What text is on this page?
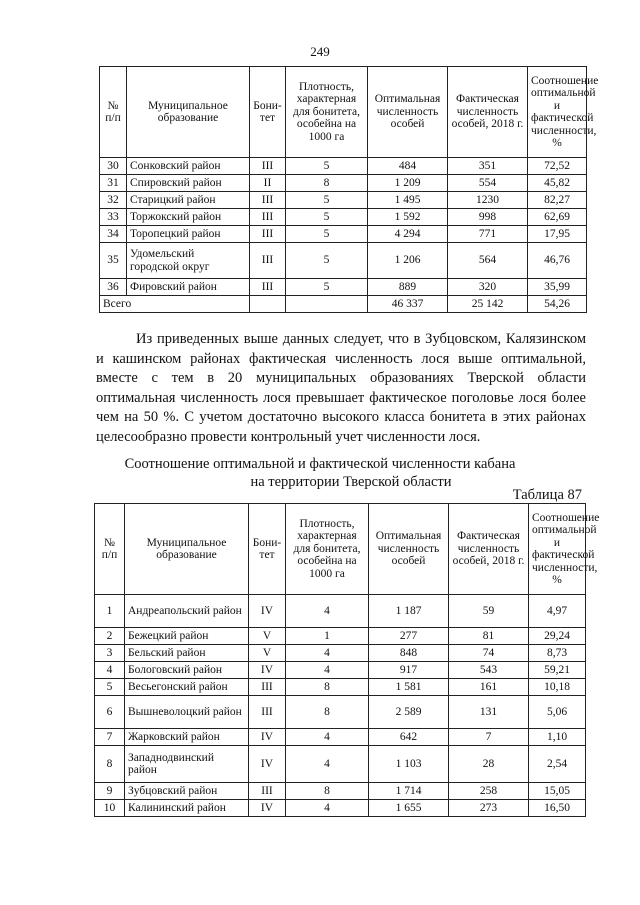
249
№ п/п	Муниципальное образование	Бони-тет	Плотность, характерная для бонитета, особейна на 1000 га	Оптимальная численность особей	Фактическая численность особей, 2018 г.	Соотношение оптимальной и фактической численности, %
30	Сонковский район	III	5	484	351	72,52
31	Спировский район	II	8	1 209	554	45,82
32	Старицкий район	III	5	1 495	1230	82,27
33	Торжокский район	III	5	1 592	998	62,69
34	Торопецкий район	III	5	4 294	771	17,95
35	Удомельский городской округ	III	5	1 206	564	46,76
36	Фировский район	III	5	889	320	35,99
Всего				46 337	25 142	54,26

Из приведенных выше данных следует, что в Зубцовском, Калязинском и кашинском районах фактическая численность лося выше оптимальной, вместе с тем в 20 муниципальных образованиях Тверской области оптимальная численность лося превышает фактическое поголовье лося более чем на 50 %. С учетом достаточно высокого класса бонитета в этих районах целесообразно провести контрольный учет численности лося.

Соотношение оптимальной и фактической численности кабана
на территории Тверской области
Таблица 87
№ п/п	Муниципальное образование	Бони-тет	Плотность, характерная для бонитета, особейна на 1000 га	Оптимальная численность особей	Фактическая численность особей, 2018 г.	Соотношение оптимальной и фактической численности, %
1	Андреапольский район	IV	4	1 187	59	4,97
2	Бежецкий район	V	1	277	81	29,24
3	Бельский район	V	4	848	74	8,73
4	Бологовский район	IV	4	917	543	59,21
5	Весьегонский район	III	8	1 581	161	10,18
6	Вышневолоцкий район	III	8	2 589	131	5,06
7	Жарковский район	IV	4	642	7	1,10
8	Западнодвинский район	IV	4	1 103	28	2,54
9	Зубцовский район	III	8	1 714	258	15,05
10	Калининский район	IV	4	1 655	273	16,50
